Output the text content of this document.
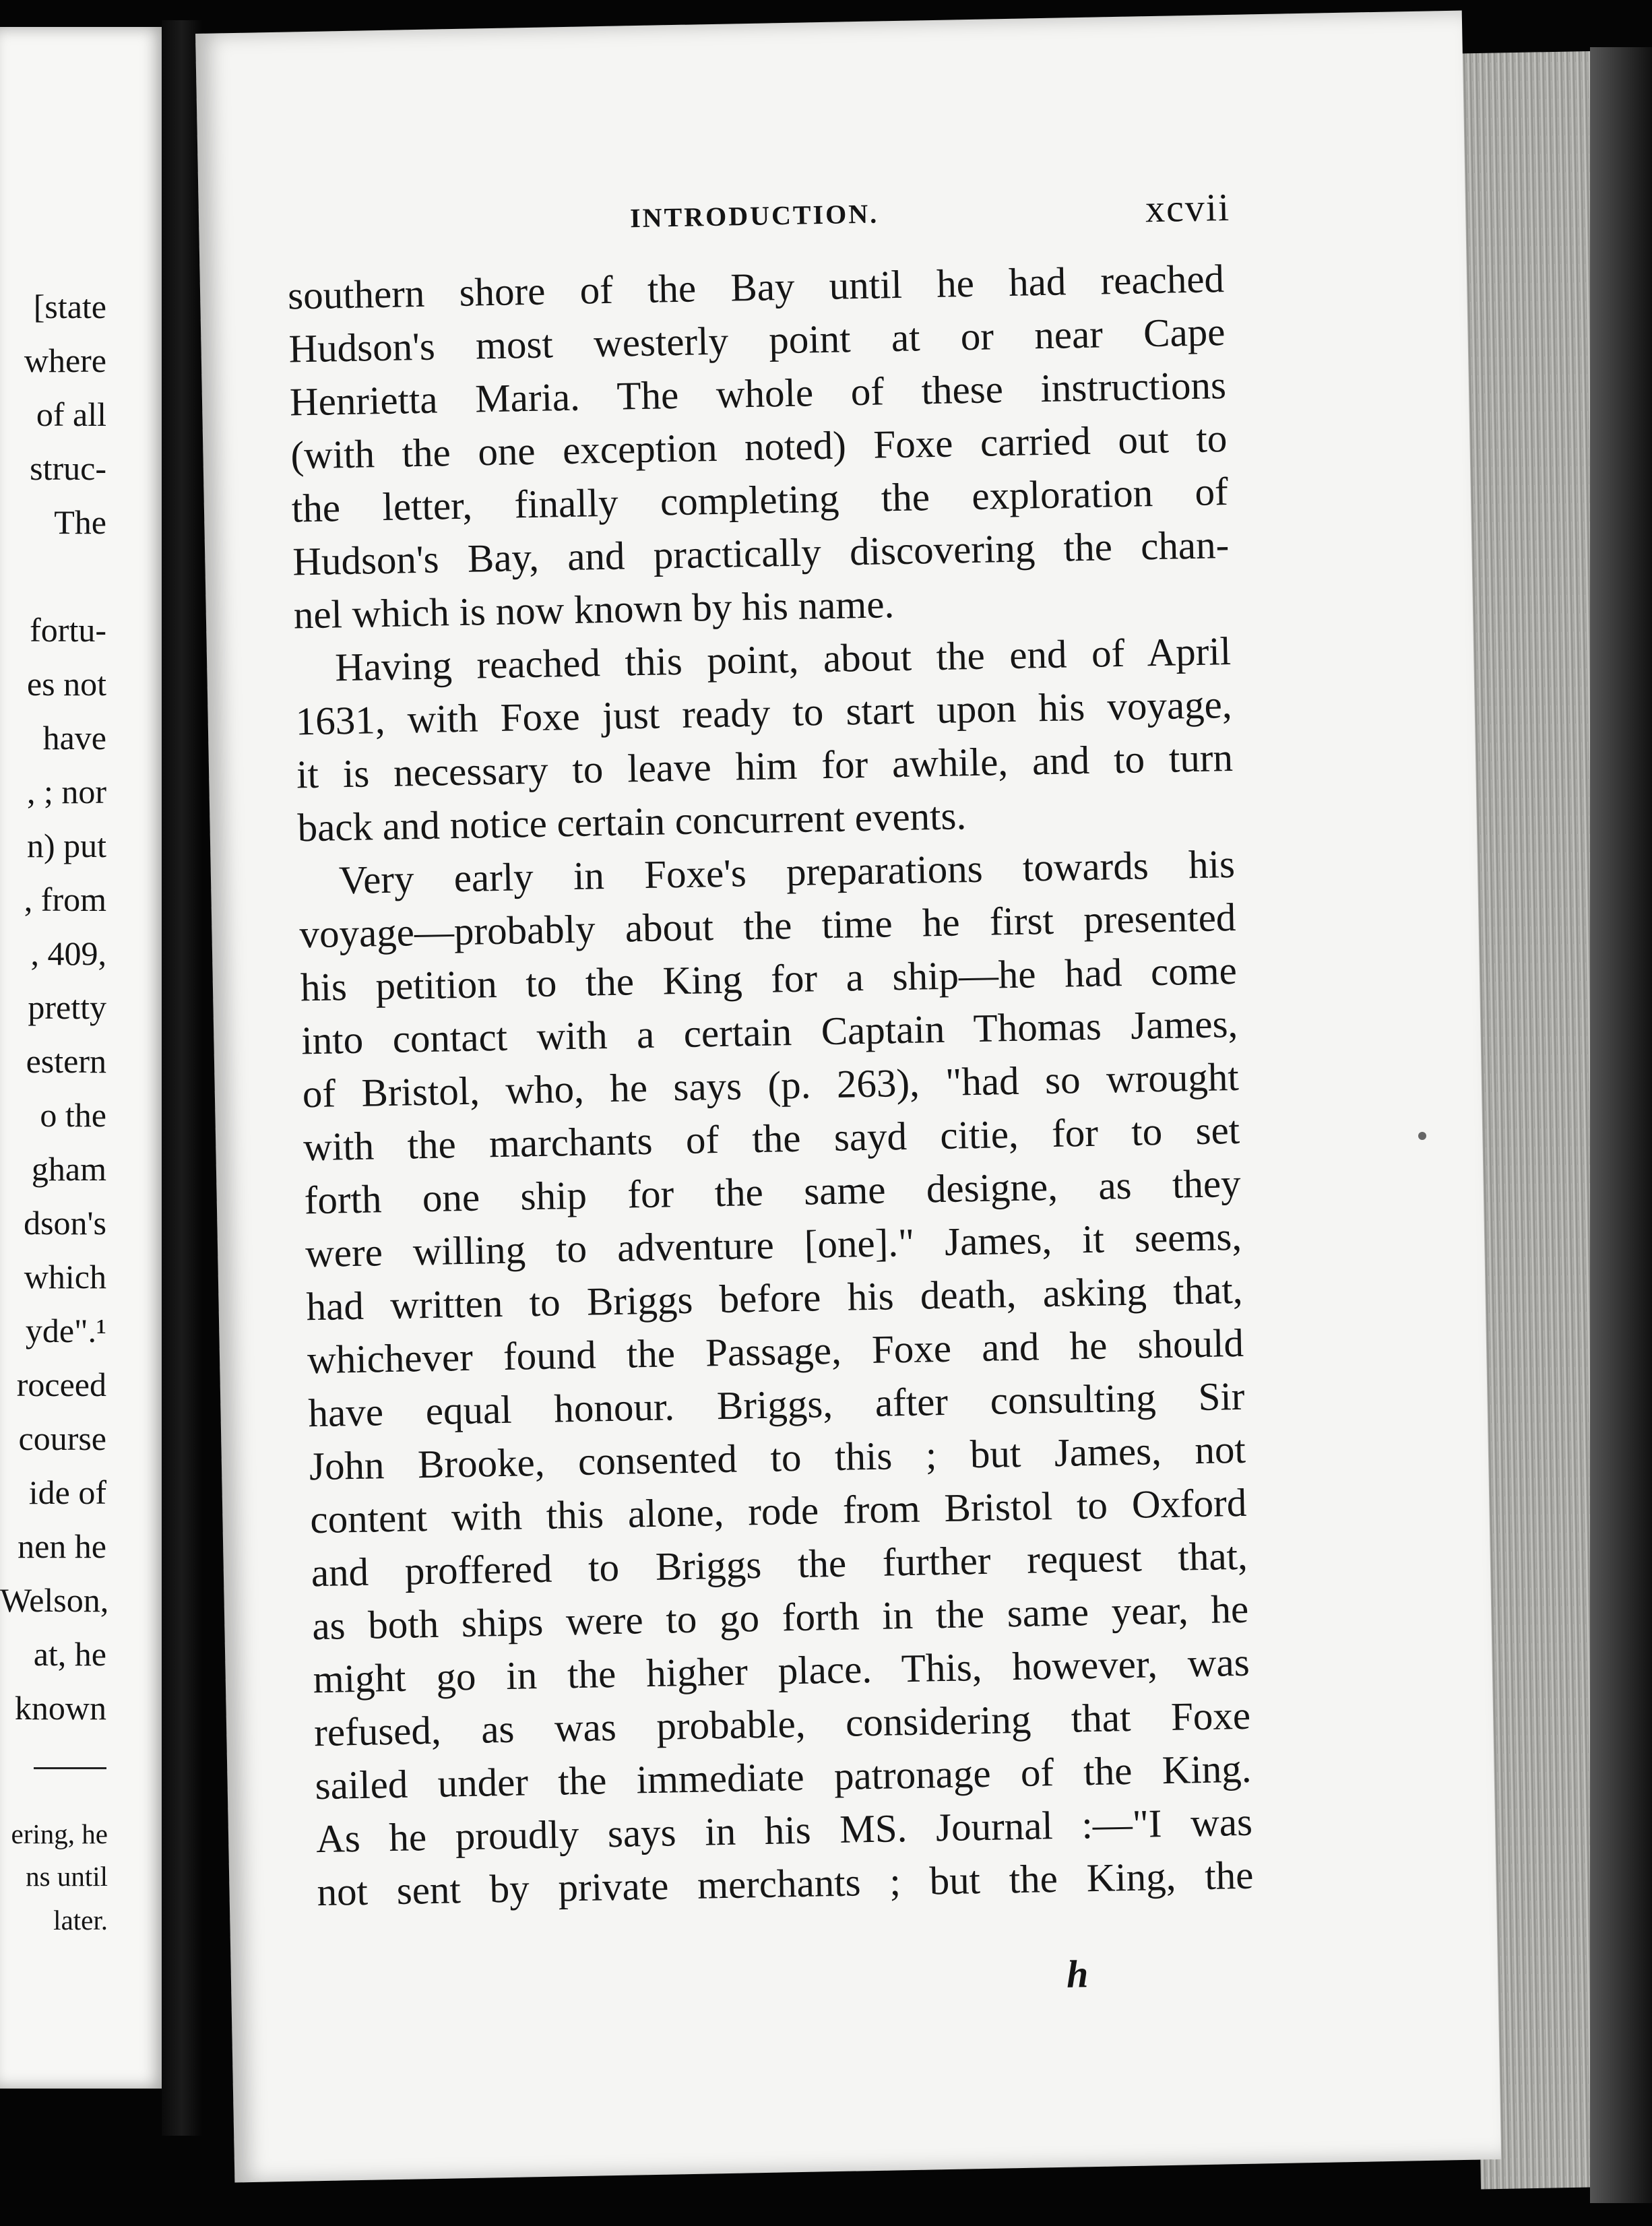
[state
where
of all
struc-
The
fortu-
es not
have
, ; nor
n) put
, from
, 409,
pretty
estern
o the
gham
dson's
which
yde".¹
roceed
course
ide of
nen he
Welson,
at, he
known
ering, he
ns until
later.
INTRODUCTION.	xcvii
southern shore of the Bay until he had reached
Hudson's most westerly point at or near Cape
Henrietta Maria. The whole of these instructions
(with the one exception noted) Foxe carried out to
the letter, finally completing the exploration of
Hudson's Bay, and practically discovering the chan-
nel which is now known by his name.
Having reached this point, about the end of April
1631, with Foxe just ready to start upon his voyage,
it is necessary to leave him for awhile, and to turn
back and notice certain concurrent events.
Very early in Foxe's preparations towards his
voyage—probably about the time he first presented
his petition to the King for a ship—he had come
into contact with a certain Captain Thomas James,
of Bristol, who, he says (p. 263), "had so wrought
with the marchants of the sayd citie, for to set
forth one ship for the same designe, as they
were willing to adventure [one]." James, it seems,
had written to Briggs before his death, asking that,
whichever found the Passage, Foxe and he should
have equal honour. Briggs, after consulting Sir
John Brooke, consented to this ; but James, not
content with this alone, rode from Bristol to Oxford
and proffered to Briggs the further request that,
as both ships were to go forth in the same year, he
might go in the higher place. This, however, was
refused, as was probable, considering that Foxe
sailed under the immediate patronage of the King.
As he proudly says in his MS. Journal :—"I was
not sent by private merchants ; but the King, the
h
